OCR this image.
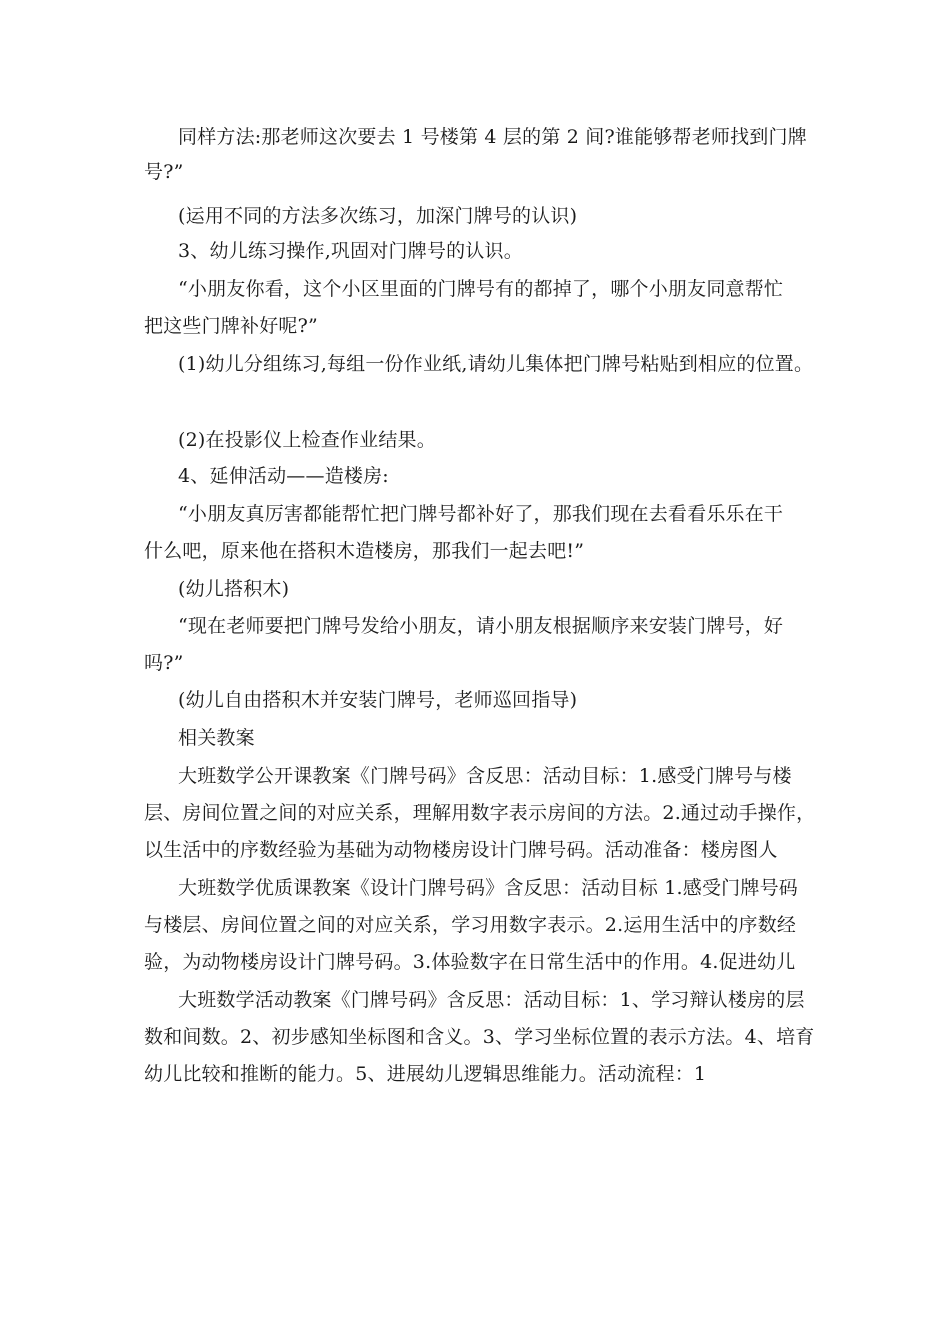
同样方法:那老师这次要去 1 号楼第 4 层的第 2 间?谁能够帮老师找到门牌
号?”
(运用不同的方法多次练习，加深门牌号的认识)
3、幼儿练习操作,巩固对门牌号的认识。
“小朋友你看，这个小区里面的门牌号有的都掉了，哪个小朋友同意帮忙
把这些门牌补好呢?”
(1)幼儿分组练习,每组一份作业纸,请幼儿集体把门牌号粘贴到相应的位置。
(2)在投影仪上检查作业结果。
4、延伸活动——造楼房:
“小朋友真厉害都能帮忙把门牌号都补好了，那我们现在去看看乐乐在干
什么吧，原来他在搭积木造楼房，那我们一起去吧!”
(幼儿搭积木)
“现在老师要把门牌号发给小朋友，请小朋友根据顺序来安装门牌号，好
吗?”
(幼儿自由搭积木并安装门牌号，老师巡回指导)
相关教案
大班数学公开课教案《门牌号码》含反思：活动目标：1.感受门牌号与楼
层、房间位置之间的对应关系，理解用数字表示房间的方法。2.通过动手操作，
以生活中的序数经验为基础为动物楼房设计门牌号码。活动准备：楼房图人
大班数学优质课教案《设计门牌号码》含反思：活动目标 1.感受门牌号码
与楼层、房间位置之间的对应关系，学习用数字表示。2.运用生活中的序数经
验，为动物楼房设计门牌号码。3.体验数字在日常生活中的作用。4.促进幼儿
大班数学活动教案《门牌号码》含反思：活动目标：1、学习辩认楼房的层
数和间数。2、初步感知坐标图和含义。3、学习坐标位置的表示方法。4、培育
幼儿比较和推断的能力。5、进展幼儿逻辑思维能力。活动流程：1
